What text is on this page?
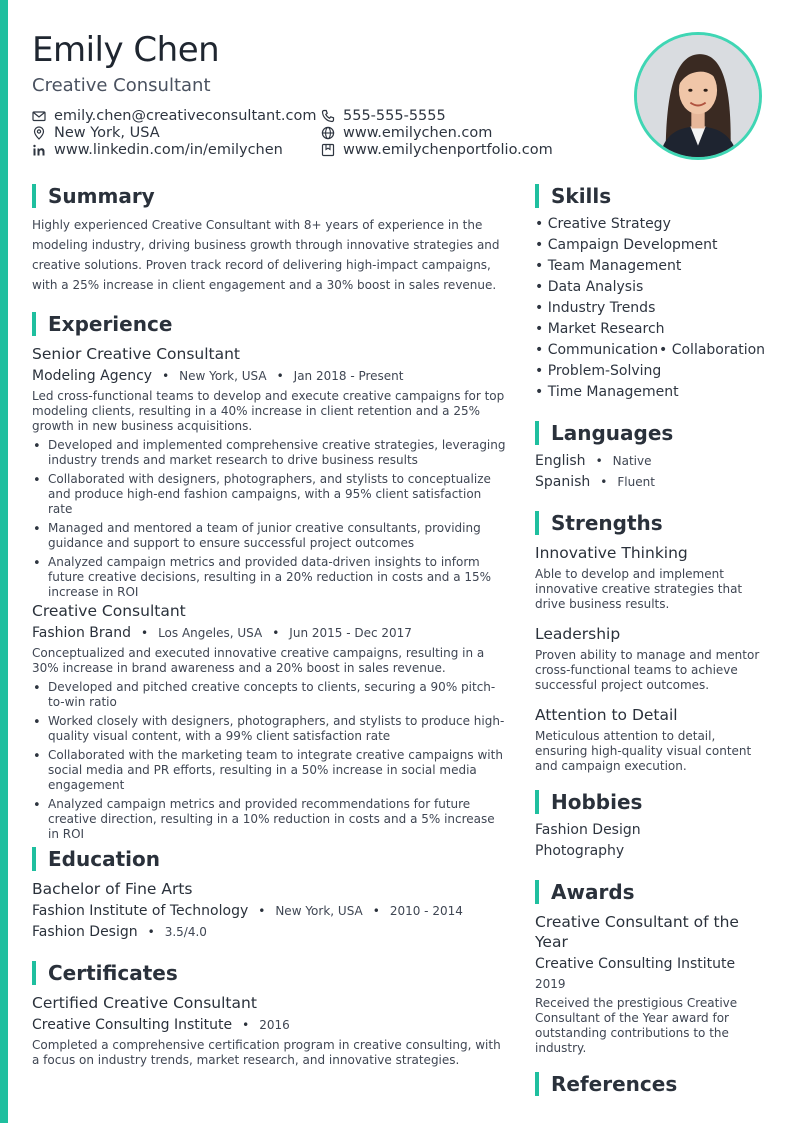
Emily Chen
Creative Consultant
emily.chen@creativeconsultant.com
New York, USA
www.linkedin.com/in/emilychen
555-555-5555
www.emilychen.com
www.emilychenportfolio.com
Summary

Highly experienced Creative Consultant with 8+ years of experience in the modeling industry, driving business growth through innovative strategies and creative solutions. Proven track record of delivering high-impact campaigns, with a 25% increase in client engagement and a 30% boost in sales revenue.

Experience
Senior Creative Consultant
Modeling Agency • New York, USA • Jan 2018 - Present

Led cross-functional teams to develop and execute creative campaigns for top modeling clients, resulting in a 40% increase in client retention and a 25% growth in new business acquisitions.

• Developed and implemented comprehensive creative strategies, leveraging industry trends and market research to drive business results
• Collaborated with designers, photographers, and stylists to conceptualize and produce high-end fashion campaigns, with a 95% client satisfaction rate
• Managed and mentored a team of junior creative consultants, providing guidance and support to ensure successful project outcomes
• Analyzed campaign metrics and provided data-driven insights to inform future creative decisions, resulting in a 20% reduction in costs and a 15% increase in ROI
Creative Consultant
Fashion Brand • Los Angeles, USA • Jun 2015 - Dec 2017

Conceptualized and executed innovative creative campaigns, resulting in a 30% increase in brand awareness and a 20% boost in sales revenue.

• Developed and pitched creative concepts to clients, securing a 90% pitch-to-win ratio
• Worked closely with designers, photographers, and stylists to produce high-quality visual content, with a 99% client satisfaction rate
• Collaborated with the marketing team to integrate creative campaigns with social media and PR efforts, resulting in a 50% increase in social media engagement
• Analyzed campaign metrics and provided recommendations for future creative direction, resulting in a 10% reduction in costs and a 5% increase in ROI
Education
Bachelor of Fine Arts
Fashion Institute of Technology • New York, USA • 2010 - 2014
Fashion Design • 3.5/4.0
Certificates
Certified Creative Consultant
Creative Consulting Institute • 2016

Completed a comprehensive certification program in creative consulting, with a focus on industry trends, market research, and innovative strategies.

Skills
• Creative Strategy
• Campaign Development
• Team Management
• Data Analysis
• Industry Trends
• Market Research
• Communication • Collaboration
• Problem-Solving
• Time Management
Languages
English • Native
Spanish • Fluent
Strengths
Innovative Thinking

Able to develop and implement innovative creative strategies that drive business results.

Leadership

Proven ability to manage and mentor cross-functional teams to achieve successful project outcomes.

Attention to Detail

Meticulous attention to detail, ensuring high-quality visual content and campaign execution.

Hobbies
Fashion Design
Photography
Awards
Creative Consultant of the Year
Creative Consulting Institute
2019

Received the prestigious Creative Consultant of the Year award for outstanding contributions to the industry.

References
